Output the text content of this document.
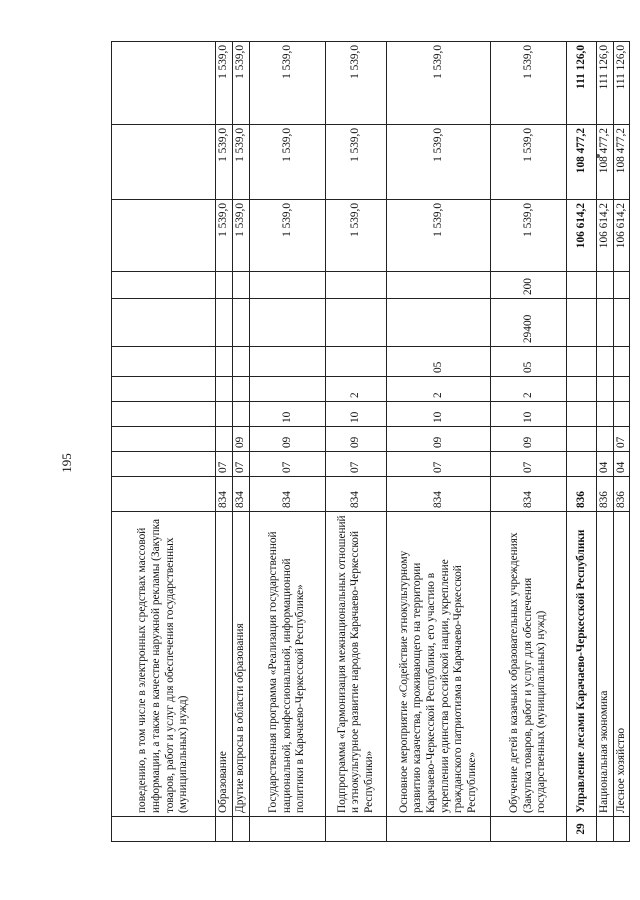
195
	поведению, в том числе в электронных средствах массовой информации, а также в качестве наружной рекламы (Закупка товаров, работ и услуг для обеспечения государственных (муниципальных) нужд)											
	Образование	834	07							1 539,0	1 539,0	1 539,0
	Другие вопросы в области образования	834	07	09						1 539,0	1 539,0	1 539,0
	Государственная программа «Реализация государственной национальной, конфессиональной, информационной политики в Карачаево-Черкесской Республике»	834	07	09	10					1 539,0	1 539,0	1 539,0
	Подпрограмма «Гармонизация межнациональных отношений и этнокультурное развитие народов Карачаево-Черкесской Республики»	834	07	09	10	2				1 539,0	1 539,0	1 539,0
	Основное мероприятие «Содействие этнокультурному развитию казачества, проживающего на территории Карачаево-Черкесской Республики, его участию в укреплении единства российской нации, укрепление гражданского патриотизма в Карачаево-Черкесской Республике»	834	07	09	10	2	05			1 539,0	1 539,0	1 539,0
	Обучение детей в казачьих образовательных учреждениях (Закупка товаров, работ и услуг для обеспечения государственных (муниципальных) нужд)	834	07	09	10	2	05	29400	200	1 539,0	1 539,0	1 539,0
29	Управление лесами Карачаево-Черкесской Республики	836								106 614,2	108 477,2	111 126,0
	Национальная экономика	836	04							106 614,2	108 477,2	111 126,0
	Лесное хозяйство	836	04	07						106 614,2	108 477,2	111 126,0
